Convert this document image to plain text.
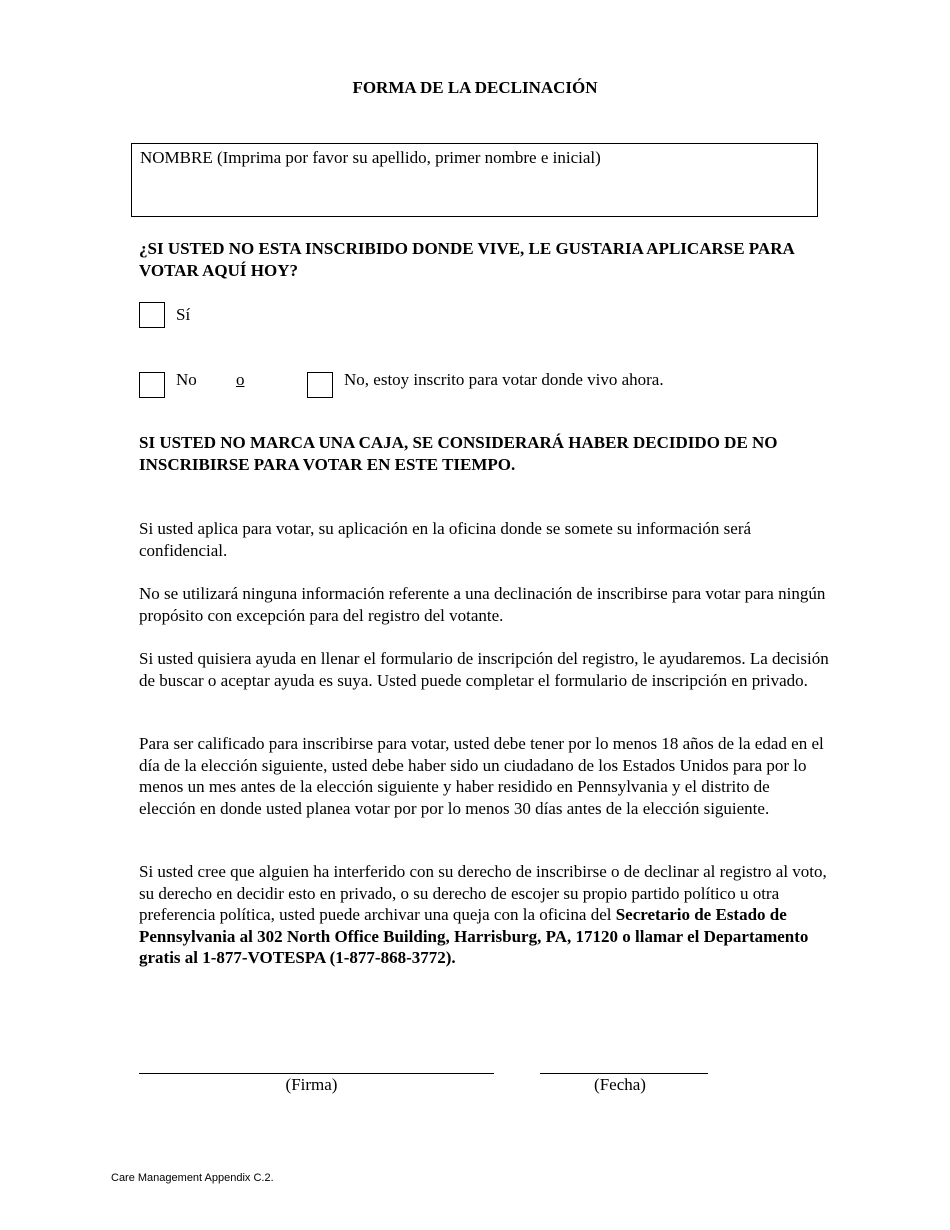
FORMA DE LA DECLINACIÓN
NOMBRE (Imprima por favor su apellido, primer nombre e inicial)
¿SI USTED NO ESTA INSCRIBIDO DONDE VIVE, LE GUSTARIA APLICARSE PARA VOTAR AQUÍ HOY?
Sí
No o	No, estoy inscrito para votar donde vivo ahora.
SI USTED NO MARCA UNA CAJA, SE CONSIDERARÁ HABER DECIDIDO DE NO INSCRIBIRSE PARA VOTAR EN ESTE TIEMPO.
Si usted aplica para votar, su aplicación en la oficina donde se somete su información será confidencial.
No se utilizará ninguna información referente a una declinación de inscribirse para votar para ningún propósito con excepción para del registro del votante.
Si usted quisiera ayuda en llenar el formulario de inscripción del registro, le ayudaremos. La decisión de buscar o aceptar ayuda es suya. Usted puede completar el formulario de inscripción en privado.
Para ser calificado para inscribirse para votar, usted debe tener por lo menos 18 años de la edad en el día de la elección siguiente, usted debe haber sido un ciudadano de los Estados Unidos para por lo menos un mes antes de la elección siguiente y haber residido en Pennsylvania y el distrito de elección en donde usted planea votar por por lo menos 30 días antes de la elección siguiente.
Si usted cree que alguien ha interferido con su derecho de inscribirse o de declinar al registro al voto, su derecho en decidir esto en privado, o su derecho de escojer su propio partido político u otra preferencia política, usted puede archivar una queja con la oficina del Secretario de Estado de Pennsylvania al 302 North Office Building, Harrisburg, PA, 17120 o llamar el Departamento gratis al 1-877-VOTESPA (1-877-868-3772).
(Firma)	(Fecha)
Care Management Appendix C.2.
